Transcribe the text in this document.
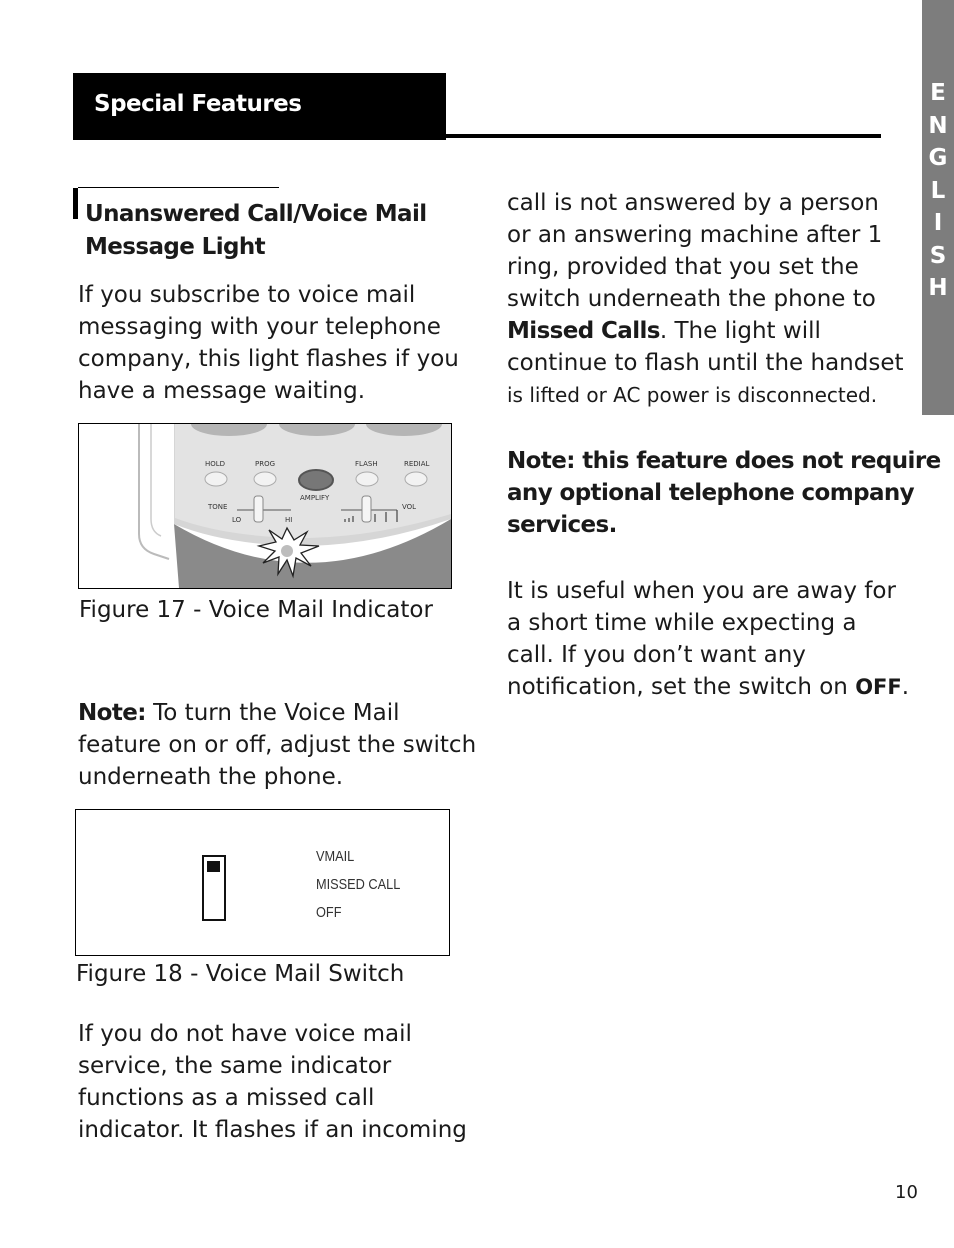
Special Features	E
N
G
L
I
S
H
Unanswered Call/Voice Mail
Message Light
If you subscribe to voice mail
messaging with your telephone
company, this light flashes if you
have a message waiting.
HOLD	PROG	FLASH	REDIAL
AMPLIFY
TONE
LO	HI
VOL
Figure 17 - Voice Mail Indicator
Note: To turn the Voice Mail
feature on or off, adjust the switch
underneath the phone.
VMAIL
MISSED CALL
OFF
Figure 18 - Voice Mail Switch
If you do not have voice mail
service, the same indicator
functions as a missed call
indicator. It flashes if an incoming
call is not answered by a person
or an answering machine after 1
ring, provided that you set the
switch underneath the phone to
Missed Calls. The light will
continue to flash until the handset
is lifted or AC power is disconnected.
Note: this feature does not require
any optional telephone company
services.
It is useful when you are away for
a short time while expecting a
call. If you don’t want any
notification, set the switch on OFF.
10
